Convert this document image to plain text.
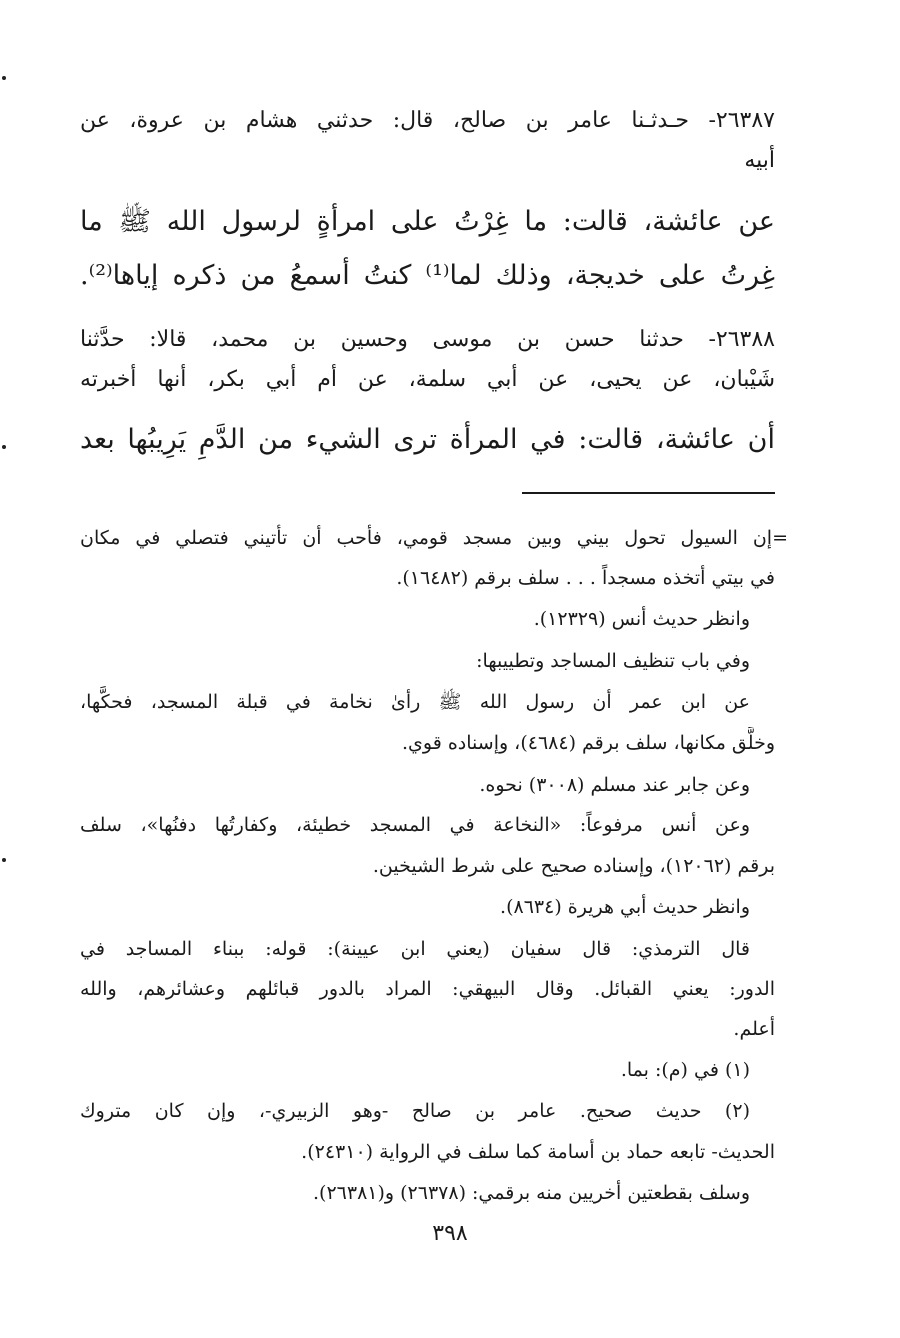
٢٦٣٨٧- حـدثـنا عامر بن صالح، قال: حدثني هشام بن عروة، عن
أبيه
عن عائشة، قالت: ما غِرْتُ على امرأةٍ لرسول الله ﷺ ما
غِرتُ على خديجة، وذلك لما⁽¹⁾ كنتُ أسمعُ من ذكره إياها⁽²⁾.
٢٦٣٨٨- حدثنا حسن بن موسى وحسين بن محمد، قالا: حدَّثنا
شَيْبان، عن يحيى، عن أبي سلمة، عن أم أبي بكر، أنها أخبرته
أن عائشة، قالت: في المرأة ترى الشيء من الدَّمِ يَرِيبُها بعد
=إن السيول تحول بيني وبين مسجد قومي، فأحب أن تأتيني فتصلي في مكان
في بيتي أتخذه مسجداً . . . سلف برقم (١٦٤٨٢).
وانظر حديث أنس (١٢٣٢٩).
وفي باب تنظيف المساجد وتطييبها:
عن ابن عمر أن رسول الله ﷺ رأىٰ نخامة في قبلة المسجد، فحكَّها،
وخلَّق مكانها، سلف برقم (٤٦٨٤)، وإسناده قوي.
وعن جابر عند مسلم (٣٠٠٨) نحوه.
وعن أنس مرفوعاً: «النخاعة في المسجد خطيئة، وكفارتُها دفنُها»، سلف
برقم (١٢٠٦٢)، وإسناده صحيح على شرط الشيخين.
وانظر حديث أبي هريرة (٨٦٣٤).
قال الترمذي: قال سفيان (يعني ابن عيينة): قوله: ببناء المساجد في
الدور: يعني القبائل. وقال البيهقي: المراد بالدور قبائلهم وعشائرهم، والله
أعلم.
(١) في (م): بما.
(٢) حديث صحيح. عامر بن صالح -وهو الزبيري-، وإن كان متروك
الحديث- تابعه حماد بن أسامة كما سلف في الرواية (٢٤٣١٠).
وسلف بقطعتين أخريين منه برقمي: (٢٦٣٧٨) و(٢٦٣٨١).
٣٩٨
